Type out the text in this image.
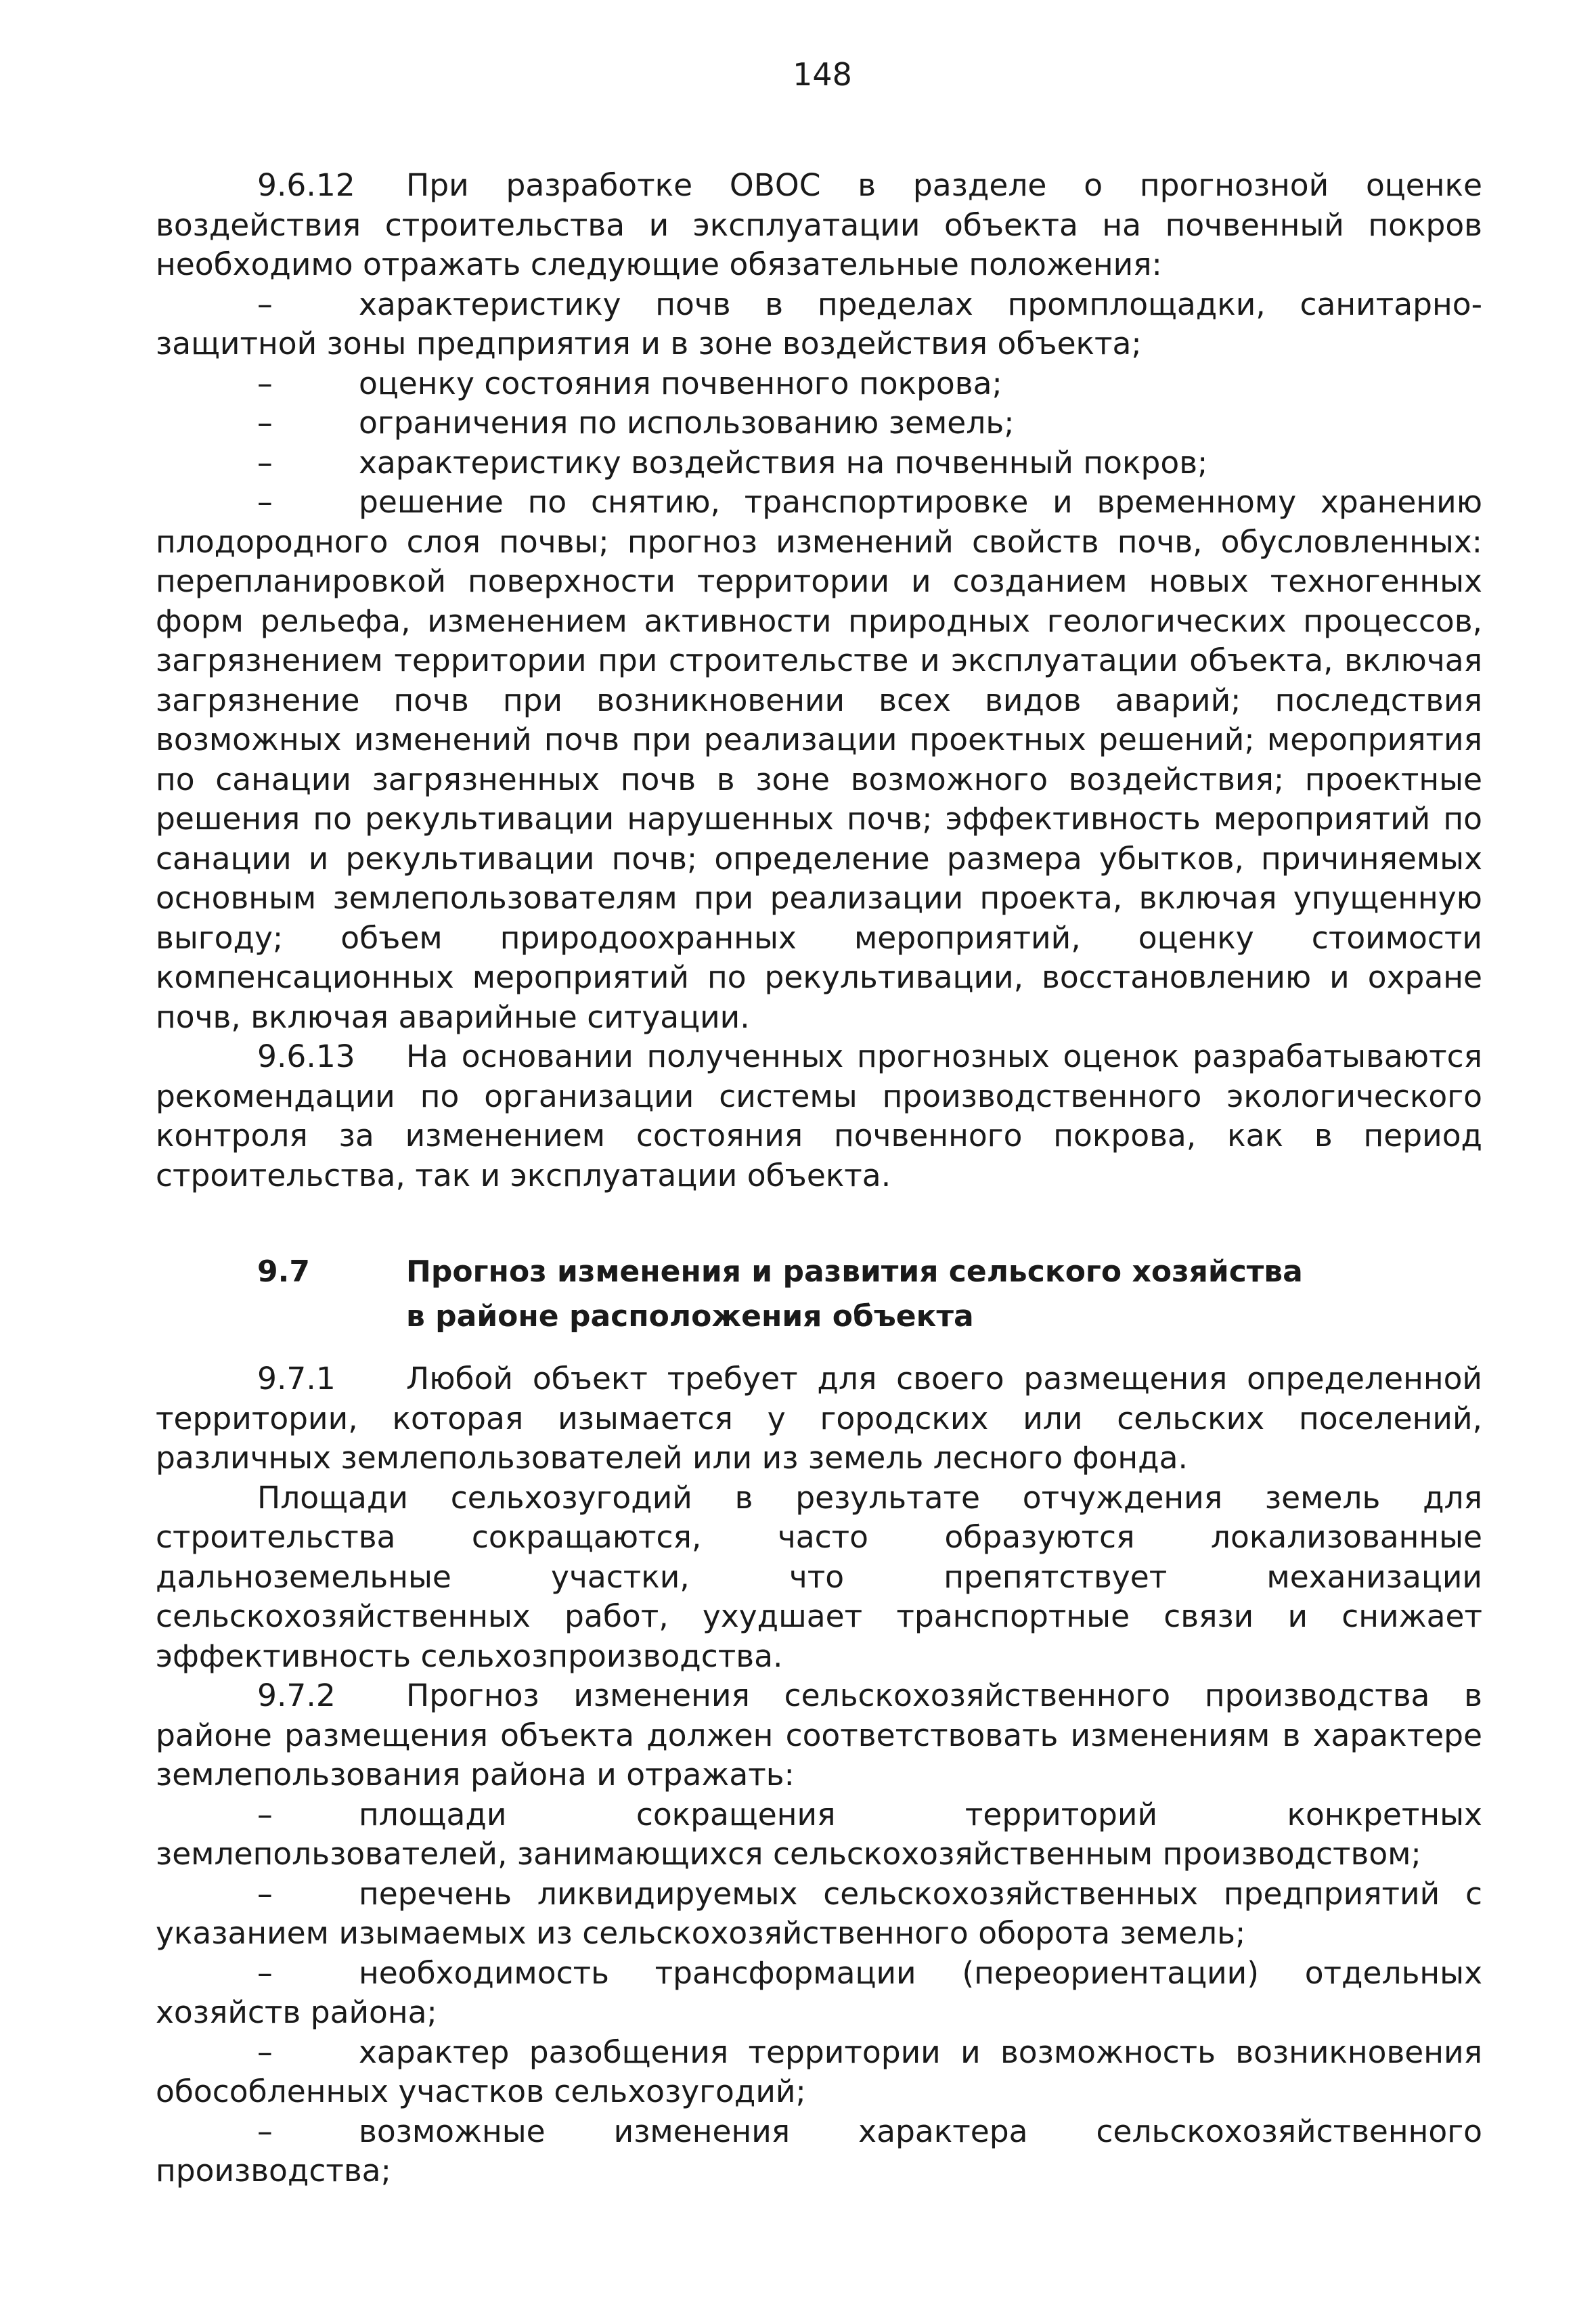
148

9.6.12 При разработке ОВОС в разделе о прогнозной оценке воздействия строительства и эксплуатации объекта на почвенный покров необходимо отражать следующие обязательные положения:

–	характеристику почв в пределах промплощадки, санитарно-защитной зоны предприятия и в зоне воздействия объекта;

–	оценку состояния почвенного покрова;

–	ограничения по использованию земель;

–	характеристику воздействия на почвенный покров;

–	решение по снятию, транспортировке и временному хранению плодородного слоя почвы; прогноз изменений свойств почв, обусловленных: перепланировкой поверхности территории и созданием новых техногенных форм рельефа, изменением активности природных геологических процессов, загрязнением территории при строительстве и эксплуатации объекта, включая загрязнение почв при возникновении всех видов аварий; последствия возможных изменений почв при реализации проектных решений; мероприятия по санации загрязненных почв в зоне возможного воздействия; проектные решения по рекультивации нарушенных почв; эффективность мероприятий по санации и рекультивации почв; определение размера убытков, причиняемых основным землепользователям при реализации проекта, включая упущенную выгоду; объем природоохранных мероприятий, оценку стоимости компенсационных мероприятий по рекультивации, восстановлению и охране почв, включая аварийные ситуации.

9.6.13 На основании полученных прогнозных оценок разрабатываются рекомендации по организации системы производственного экологического контроля за изменением состояния почвенного покрова, как в период строительства, так и эксплуатации объекта.

9.7	Прогноз изменения и развития сельского хозяйства
в районе расположения объекта

9.7.1 Любой объект требует для своего размещения определенной территории, которая изымается у городских или сельских поселений, различных землепользователей или из земель лесного фонда.

Площади сельхозугодий в результате отчуждения земель для строительства сокращаются, часто образуются локализованные дальноземельные участки, что препятствует механизации сельскохозяйственных работ, ухудшает транспортные связи и снижает эффективность сельхозпроизводства.

9.7.2 Прогноз изменения сельскохозяйственного производства в районе размещения объекта должен соответствовать изменениям в характере землепользования района и отражать:

–	площади сокращения территорий конкретных землепользователей, занимающихся сельскохозяйственным производством;

–	перечень ликвидируемых сельскохозяйственных предприятий с указанием изымаемых из сельскохозяйственного оборота земель;

–	необходимость трансформации (переориентации) отдельных хозяйств района;

–	характер разобщения территории и возможность возникновения обособленных участков сельхозугодий;

–	возможные изменения характера сельскохозяйственного производства;
